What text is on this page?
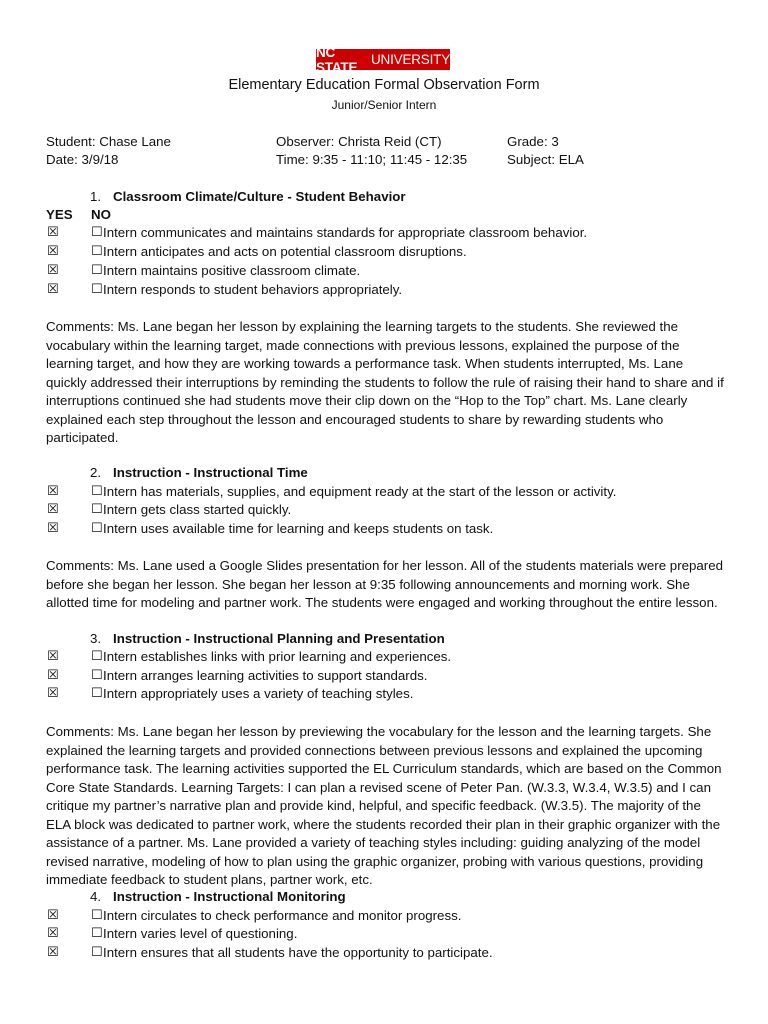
NC STATE	UNIVERSITY
Elementary Education Formal Observation Form
Junior/Senior Intern
Student: Chase Lane	Observer: Christa Reid (CT)	Grade: 3
Date: 3/9/18	Time: 9:35 - 11:10; 11:45 - 12:35	Subject: ELA
1. Classroom Climate/Culture - Student Behavior
YES NO
☒ ☐ Intern communicates and maintains standards for appropriate classroom behavior.
☒ ☐ Intern anticipates and acts on potential classroom disruptions.
☒ ☐ Intern maintains positive classroom climate.
☒ ☐ Intern responds to student behaviors appropriately.
Comments: Ms. Lane began her lesson by explaining the learning targets to the students. She reviewed the vocabulary within the learning target, made connections with previous lessons, explained the purpose of the learning target, and how they are working towards a performance task. When students interrupted, Ms. Lane quickly addressed their interruptions by reminding the students to follow the rule of raising their hand to share and if interruptions continued she had students move their clip down on the “Hop to the Top” chart. Ms. Lane clearly explained each step throughout the lesson and encouraged students to share by rewarding students who participated.
2. Instruction - Instructional Time
☒ ☐ Intern has materials, supplies, and equipment ready at the start of the lesson or activity.
☒ ☐ Intern gets class started quickly.
☒ ☐ Intern uses available time for learning and keeps students on task.
Comments: Ms. Lane used a Google Slides presentation for her lesson. All of the students materials were prepared before she began her lesson. She began her lesson at 9:35 following announcements and morning work. She allotted time for modeling and partner work. The students were engaged and working throughout the entire lesson.
3. Instruction - Instructional Planning and Presentation
☒ ☐ Intern establishes links with prior learning and experiences.
☒ ☐ Intern arranges learning activities to support standards.
☒ ☐ Intern appropriately uses a variety of teaching styles.
Comments: Ms. Lane began her lesson by previewing the vocabulary for the lesson and the learning targets. She explained the learning targets and provided connections between previous lessons and explained the upcoming performance task. The learning activities supported the EL Curriculum standards, which are based on the Common Core State Standards. Learning Targets: I can plan a revised scene of Peter Pan. (W.3.3, W.3.4, W.3.5) and I can critique my partner’s narrative plan and provide kind, helpful, and specific feedback. (W.3.5). The majority of the ELA block was dedicated to partner work, where the students recorded their plan in their graphic organizer with the assistance of a partner. Ms. Lane provided a variety of teaching styles including: guiding analyzing of the model revised narrative, modeling of how to plan using the graphic organizer, probing with various questions, providing immediate feedback to student plans, partner work, etc.
4. Instruction - Instructional Monitoring
☒ ☐ Intern circulates to check performance and monitor progress.
☒ ☐ Intern varies level of questioning.
☒ ☐ Intern ensures that all students have the opportunity to participate.
